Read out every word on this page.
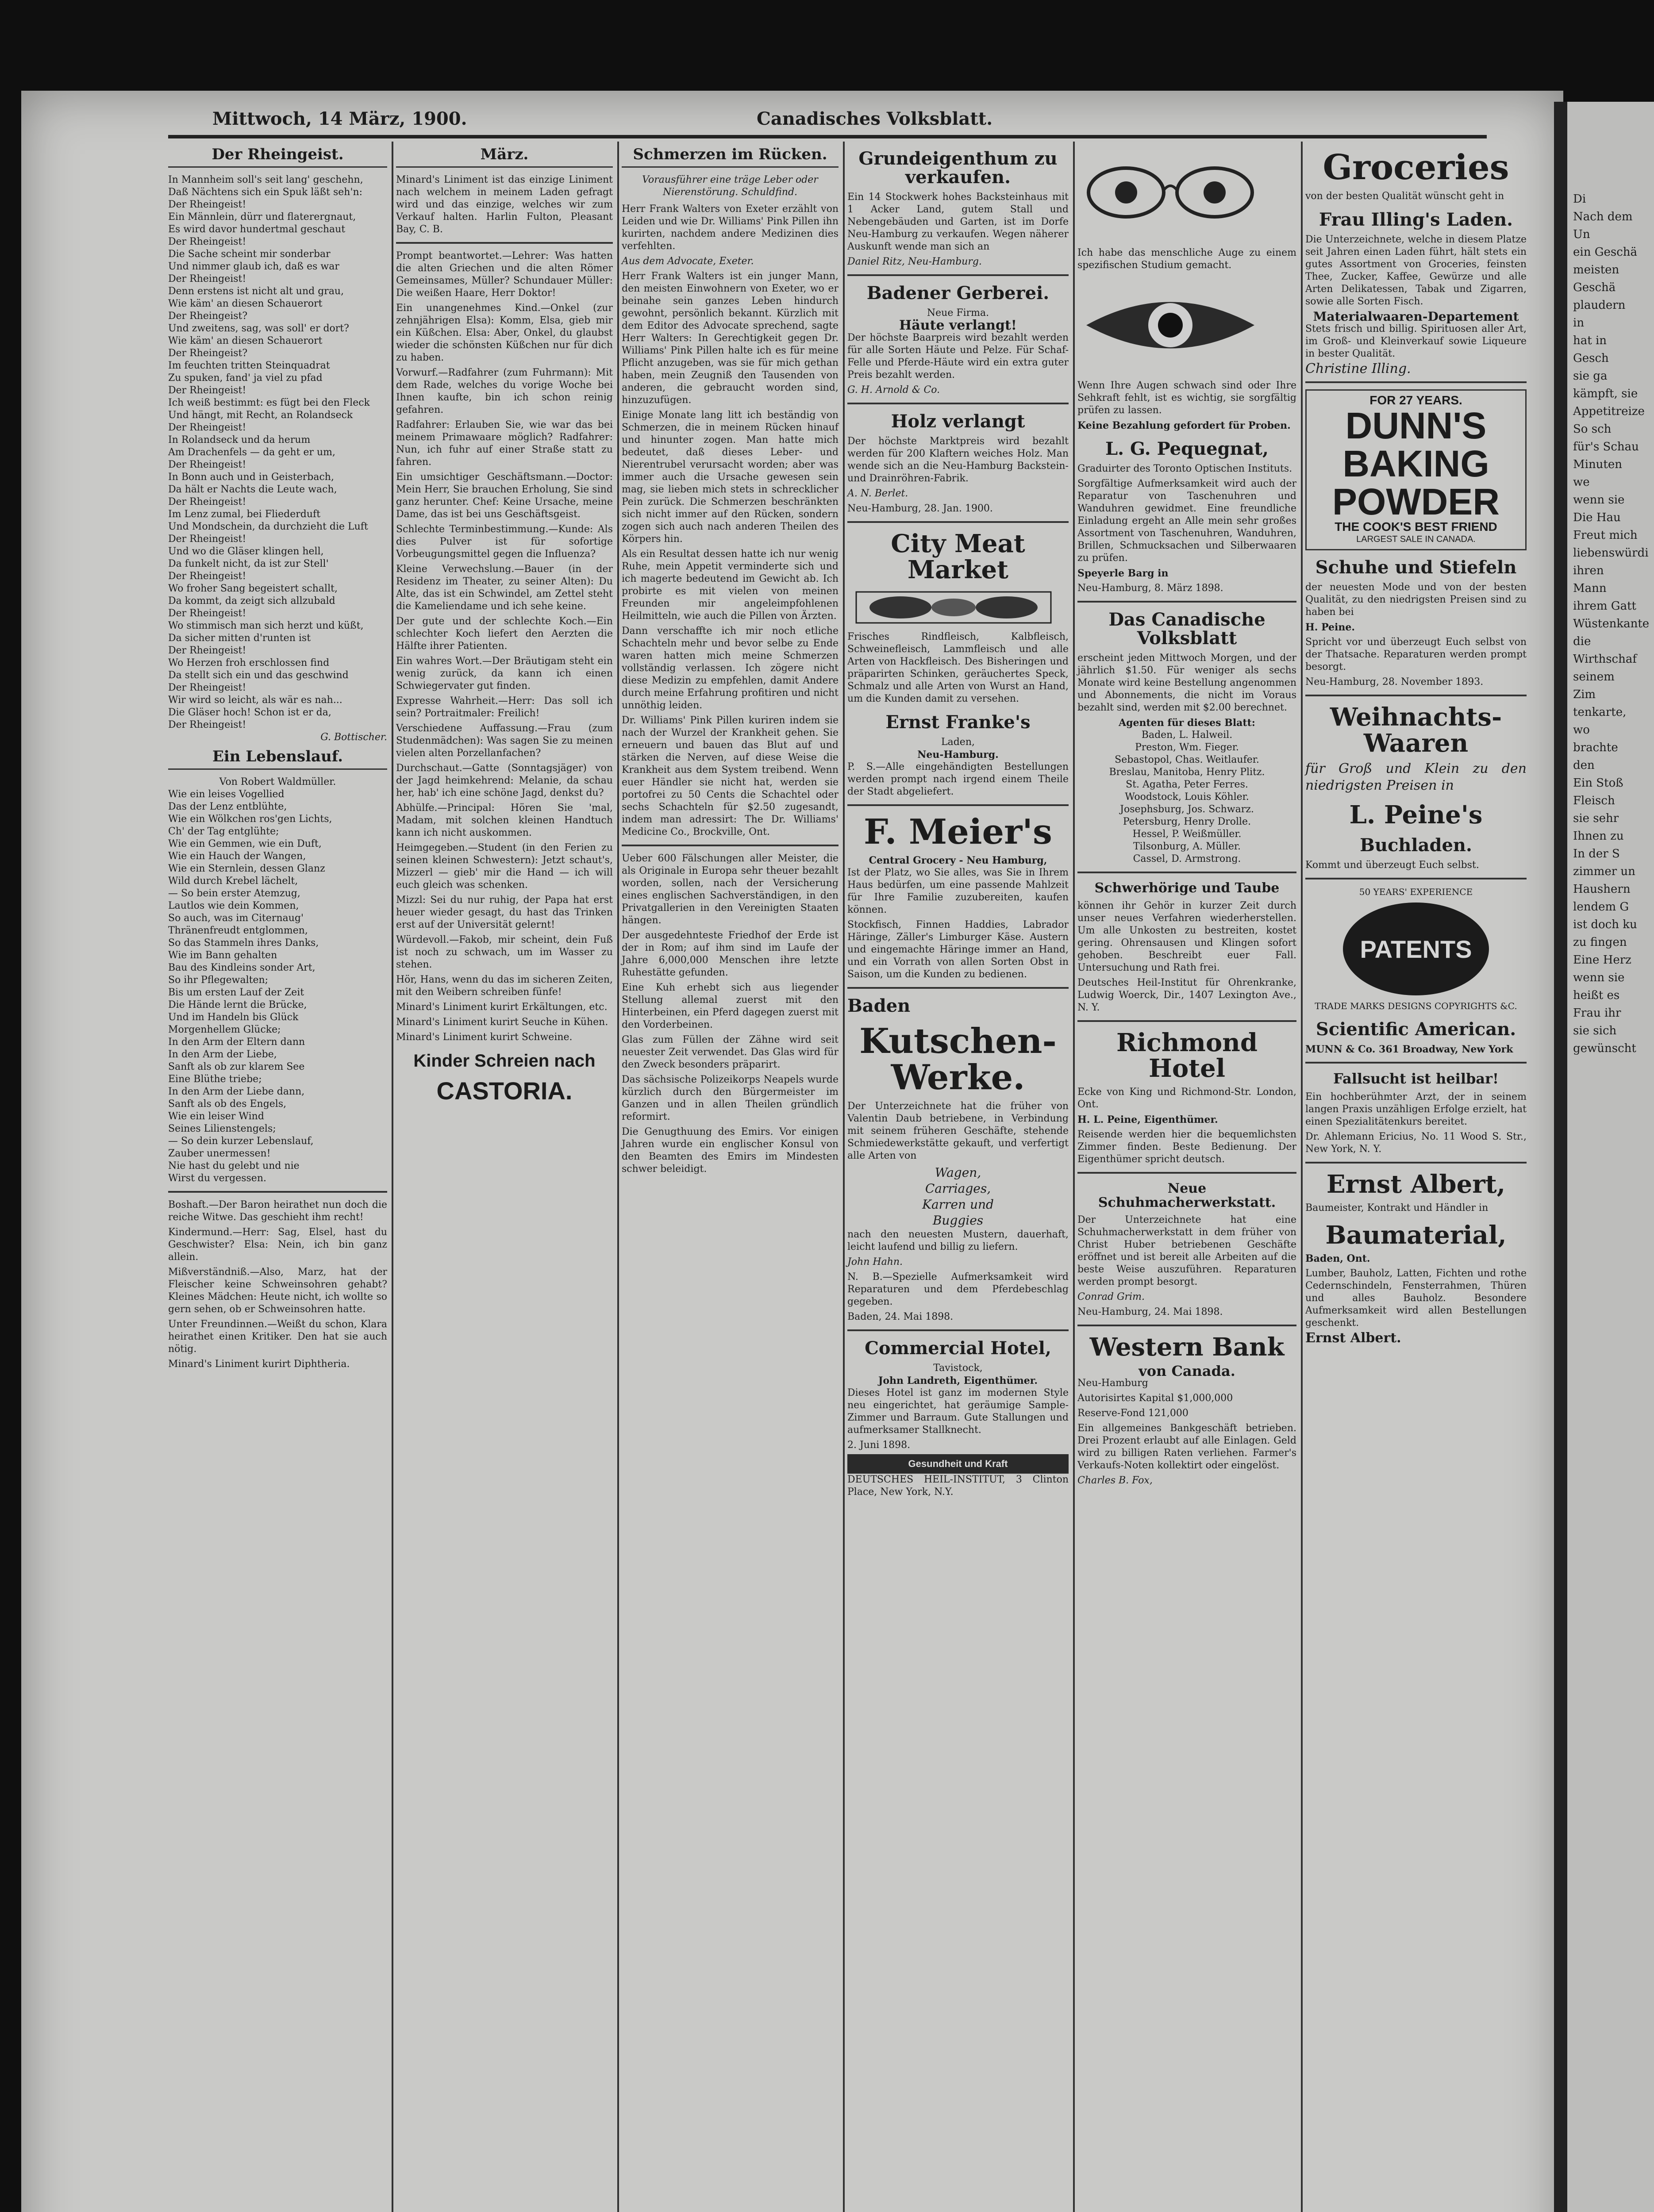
Mittwoch, 14 März, 1900.	Canadisches Volksblatt.
Der Rheingeist.

In Mannheim soll's seit lang' geschehn,

Daß Nächtens sich ein Spuk läßt seh'n:

Der Rheingeist!

Ein Männlein, dürr und flaterergnaut,

Es wird davor hundertmal geschaut

Der Rheingeist!

Die Sache scheint mir sonderbar

Und nimmer glaub ich, daß es war

Der Rheingeist!

Denn erstens ist nicht alt und grau,

Wie käm' an diesen Schauerort

Der Rheingeist?

Und zweitens, sag, was soll' er dort?

Wie käm' an diesen Schauerort

Der Rheingeist?

Im feuchten tritten Steinquadrat

Zu spuken, fand' ja viel zu pfad

Der Rheingeist!

Ich weiß bestimmt: es fügt bei den Fleck

Und hängt, mit Recht, an Rolandseck

Der Rheingeist!

In Rolandseck und da herum

Am Drachenfels — da geht er um,

Der Rheingeist!

In Bonn auch und in Geisterbach,

Da hält er Nachts die Leute wach,

Der Rheingeist!

Im Lenz zumal, bei Fliederduft

Und Mondschein, da durchzieht die Luft

Der Rheingeist!

Und wo die Gläser klingen hell,

Da funkelt nicht, da ist zur Stell'

Der Rheingeist!

Wo froher Sang begeistert schallt,

Da kommt, da zeigt sich allzubald

Der Rheingeist!

Wo stimmisch man sich herzt und küßt,

Da sicher mitten d'runten ist

Der Rheingeist!

Wo Herzen froh erschlossen find

Da stellt sich ein und das geschwind

Der Rheingeist!

Wir wird so leicht, als wär es nah...

Die Gläser hoch! Schon ist er da,

Der Rheingeist!

G. Bottischer.
Ein Lebenslauf.
Von Robert Waldmüller.

Wie ein leises Vogellied

Das der Lenz entblühte,

Wie ein Wölkchen ros'gen Lichts,

Ch' der Tag entglühte;

Wie ein Gemmen, wie ein Duft,

Wie ein Hauch der Wangen,

Wie ein Sternlein, dessen Glanz

Wild durch Krebel lächelt,

— So bein erster Atemzug,

Lautlos wie dein Kommen,

So auch, was im Citernaug'

Thränenfreudt entglommen,

So das Stammeln ihres Danks,

Wie im Bann gehalten

Bau des Kindleins sonder Art,

So ihr Pflegewalten;

Bis um ersten Lauf der Zeit

Die Hände lernt die Brücke,

Und im Handeln bis Glück

Morgenhellem Glücke;

In den Arm der Eltern dann

In den Arm der Liebe,

Sanft als ob zur klarem See

Eine Blüthe triebe;

In den Arm der Liebe dann,

Sanft als ob des Engels,

Wie ein leiser Wind

Seines Lilienstengels;

— So dein kurzer Lebenslauf,

Zauber unermessen!

Nie hast du gelebt und nie

Wirst du vergessen.

Boshaft.—Der Baron heirathet nun doch die reiche Witwe. Das geschieht ihm recht!

Kindermund.—Herr: Sag, Elsel, hast du Geschwister? Elsa: Nein, ich bin ganz allein.

Mißverständniß.—Also, Marz, hat der Fleischer keine Schweinsohren gehabt? Kleines Mädchen: Heute nicht, ich wollte so gern sehen, ob er Schweinsohren hatte.

Unter Freundinnen.—Weißt du schon, Klara heirathet einen Kritiker. Den hat sie auch nötig.

Minard's Liniment kurirt Diphtheria.

März.

Minard's Liniment ist das einzige Liniment nach welchem in meinem Laden gefragt wird und das einzige, welches wir zum Verkauf halten. Harlin Fulton, Pleasant Bay, C. B.

Prompt beantwortet.—Lehrer: Was hatten die alten Griechen und die alten Römer Gemeinsames, Müller? Schundauer Müller: Die weißen Haare, Herr Doktor!

Ein unangenehmes Kind.—Onkel (zur zehnjährigen Elsa): Komm, Elsa, gieb mir ein Küßchen. Elsa: Aber, Onkel, du glaubst wieder die schönsten Küßchen nur für dich zu haben.

Vorwurf.—Radfahrer (zum Fuhrmann): Mit dem Rade, welches du vorige Woche bei Ihnen kaufte, bin ich schon reinig gefahren.

Radfahrer: Erlauben Sie, wie war das bei meinem Primawaare möglich? Radfahrer: Nun, ich fuhr auf einer Straße statt zu fahren.

Ein umsichtiger Geschäftsmann.—Doctor: Mein Herr, Sie brauchen Erholung, Sie sind ganz herunter. Chef: Keine Ursache, meine Dame, das ist bei uns Geschäftsgeist.

Schlechte Terminbestimmung.—Kunde: Als dies Pulver ist für sofortige Vorbeugungsmittel gegen die Influenza?

Kleine Verwechslung.—Bauer (in der Residenz im Theater, zu seiner Alten): Du Alte, das ist ein Schwindel, am Zettel steht die Kameliendame und ich sehe keine.

Der gute und der schlechte Koch.—Ein schlechter Koch liefert den Aerzten die Hälfte ihrer Patienten.

Ein wahres Wort.—Der Bräutigam steht ein wenig zurück, da kann ich einen Schwiegervater gut finden.

Expresse Wahrheit.—Herr: Das soll ich sein? Portraitmaler: Freilich!

Verschiedene Auffassung.—Frau (zum Studenmädchen): Was sagen Sie zu meinen vielen alten Porzellanfachen?

Durchschaut.—Gatte (Sonntagsjäger) von der Jagd heimkehrend: Melanie, da schau her, hab' ich eine schöne Jagd, denkst du?

Abhülfe.—Principal: Hören Sie 'mal, Madam, mit solchen kleinen Handtuch kann ich nicht auskommen.

Heimgegeben.—Student (in den Ferien zu seinen kleinen Schwestern): Jetzt schaut's, Mizzerl — gieb' mir die Hand — ich will euch gleich was schenken.

Mizzl: Sei du nur ruhig, der Papa hat erst heuer wieder gesagt, du hast das Trinken erst auf der Universität gelernt!

Würdevoll.—Fakob, mir scheint, dein Fuß ist noch zu schwach, um im Wasser zu stehen.

Hör, Hans, wenn du das im sicheren Zeiten, mit den Weibern schreiben fünfe!

Minard's Liniment kurirt Erkältungen, etc.

Minard's Liniment kurirt Seuche in Kühen.

Minard's Liniment kurirt Schweine.

Kinder Schreien nach
CASTORIA.
Schmerzen im Rücken.
Vorausführer eine träge Leber oder Nierenstörung. Schuldfind.

Herr Frank Walters von Exeter erzählt von Leiden und wie Dr. Williams' Pink Pillen ihn kurirten, nachdem andere Medizinen dies verfehlten.

Aus dem Advocate, Exeter.

Herr Frank Walters ist ein junger Mann, den meisten Einwohnern von Exeter, wo er beinahe sein ganzes Leben hindurch gewohnt, persönlich bekannt. Kürzlich mit dem Editor des Advocate sprechend, sagte Herr Walters: In Gerechtigkeit gegen Dr. Williams' Pink Pillen halte ich es für meine Pflicht anzugeben, was sie für mich gethan haben, mein Zeugniß den Tausenden von anderen, die gebraucht worden sind, hinzuzufügen.

Einige Monate lang litt ich beständig von Schmerzen, die in meinem Rücken hinauf und hinunter zogen. Man hatte mich bedeutet, daß dieses Leber- und Nierentrubel verursacht worden; aber was immer auch die Ursache gewesen sein mag, sie lieben mich stets in schrecklicher Pein zurück. Die Schmerzen beschränkten sich nicht immer auf den Rücken, sondern zogen sich auch nach anderen Theilen des Körpers hin.

Als ein Resultat dessen hatte ich nur wenig Ruhe, mein Appetit verminderte sich und ich magerte bedeutend im Gewicht ab. Ich probirte es mit vielen von meinen Freunden mir angeleimpfohlenen Heilmitteln, wie auch die Pillen von Ärzten.

Dann verschaffte ich mir noch etliche Schachteln mehr und bevor selbe zu Ende waren hatten mich meine Schmerzen vollständig verlassen. Ich zögere nicht diese Medizin zu empfehlen, damit Andere durch meine Erfahrung profitiren und nicht unnöthig leiden.

Dr. Williams' Pink Pillen kuriren indem sie nach der Wurzel der Krankheit gehen. Sie erneuern und bauen das Blut auf und stärken die Nerven, auf diese Weise die Krankheit aus dem System treibend. Wenn euer Händler sie nicht hat, werden sie portofrei zu 50 Cents die Schachtel oder sechs Schachteln für $2.50 zugesandt, indem man adressirt: The Dr. Williams' Medicine Co., Brockville, Ont.

Ueber 600 Fälschungen aller Meister, die als Originale in Europa sehr theuer bezahlt worden, sollen, nach der Versicherung eines englischen Sachverständigen, in den Privatgallerien in den Vereinigten Staaten hängen.

Der ausgedehnteste Friedhof der Erde ist der in Rom; auf ihm sind im Laufe der Jahre 6,000,000 Menschen ihre letzte Ruhestätte gefunden.

Eine Kuh erhebt sich aus liegender Stellung allemal zuerst mit den Hinterbeinen, ein Pferd dagegen zuerst mit den Vorderbeinen.

Glas zum Füllen der Zähne wird seit neuester Zeit verwendet. Das Glas wird für den Zweck besonders präparirt.

Das sächsische Polizeikorps Neapels wurde kürzlich durch den Bürgermeister im Ganzen und in allen Theilen gründlich reformirt.

Die Genugthuung des Emirs. Vor einigen Jahren wurde ein englischer Konsul von den Beamten des Emirs im Mindesten schwer beleidigt.

Grundeigenthum zu verkaufen.

Ein 14 Stockwerk hohes Backsteinhaus mit 1 Acker Land, gutem Stall und Nebengebäuden und Garten, ist im Dorfe Neu-Hamburg zu verkaufen. Wegen näherer Auskunft wende man sich an

Daniel Ritz, Neu-Hamburg.

Badener Gerberei.
Neue Firma.
Häute verlangt!

Der höchste Baarpreis wird bezahlt werden für alle Sorten Häute und Pelze. Für Schaf-Felle und Pferde-Häute wird ein extra guter Preis bezahlt werden.

G. H. Arnold & Co.

Holz verlangt

Der höchste Marktpreis wird bezahlt werden für 200 Klaftern weiches Holz. Man wende sich an die Neu-Hamburg Backstein- und Drainröhren-Fabrik.

A. N. Berlet.

Neu-Hamburg, 28. Jan. 1900.

City Meat Market

Frisches Rindfleisch, Kalbfleisch, Schweinefleisch, Lammfleisch und alle Arten von Hackfleisch. Des Bisheringen und präparirten Schinken, geräuchertes Speck, Schmalz und alle Arten von Wurst an Hand, um die Kunden damit zu versehen.

Ernst Franke's
Laden,
Neu-Hamburg.

P. S.—Alle eingehändigten Bestellungen werden prompt nach irgend einem Theile der Stadt abgeliefert.

F. Meier's
Central Grocery - Neu Hamburg,

Ist der Platz, wo Sie alles, was Sie in Ihrem Haus bedürfen, um eine passende Mahlzeit für Ihre Familie zuzubereiten, kaufen können.

Stockfisch, Finnen Haddies, Labrador Häringe, Zäller's Limburger Käse. Austern und eingemachte Häringe immer an Hand, und ein Vorrath von allen Sorten Obst in Saison, um die Kunden zu bedienen.

Baden
Kutschen-Werke.

Der Unterzeichnete hat die früher von Valentin Daub betriebene, in Verbindung mit seinem früheren Geschäfte, stehende Schmiedewerkstätte gekauft, und verfertigt alle Arten von

Wagen,
Carriages,
Karren und
Buggies

nach den neuesten Mustern, dauerhaft, leicht laufend und billig zu liefern.

John Hahn.

N. B.—Spezielle Aufmerksamkeit wird Reparaturen und dem Pferdebeschlag gegeben.

Baden, 24. Mai 1898.

Commercial Hotel,
Tavistock,
John Landreth, Eigenthümer.

Dieses Hotel ist ganz im modernen Style neu eingerichtet, hat geräumige Sample-Zimmer und Barraum. Gute Stallungen und aufmerksamer Stallknecht.

2. Juni 1898.

Gesundheit und Kraft

DEUTSCHES HEIL-INSTITUT, 3 Clinton Place, New York, N.Y.

Ich habe das menschliche Auge zu einem spezifischen Studium gemacht.

Wenn Ihre Augen schwach sind oder Ihre Sehkraft fehlt, ist es wichtig, sie sorgfältig prüfen zu lassen.

Keine Bezahlung gefordert für Proben.

L. G. Pequegnat,

Graduirter des Toronto Optischen Instituts.

Sorgfältige Aufmerksamkeit wird auch der Reparatur von Taschenuhren und Wanduhren gewidmet. Eine freundliche Einladung ergeht an Alle mein sehr großes Assortment von Taschenuhren, Wanduhren, Brillen, Schmucksachen und Silberwaaren zu prüfen.

Speyerle Barg in

Neu-Hamburg, 8. März 1898.

Das Canadische Volksblatt

erscheint jeden Mittwoch Morgen, und der jährlich $1.50. Für weniger als sechs Monate wird keine Bestellung angenommen und Abonnements, die nicht im Voraus bezahlt sind, werden mit $2.00 berechnet.

Agenten für dieses Blatt:
Baden, L. Halweil.
Preston, Wm. Fieger.
Sebastopol, Chas. Weitlaufer.
Breslau, Manitoba, Henry Plitz.
St. Agatha, Peter Ferres.
Woodstock, Louis Köhler.
Josephsburg, Jos. Schwarz.
Petersburg, Henry Drolle.
Hessel, P. Weißmüller.
Tilsonburg, A. Müller.
Cassel, D. Armstrong.
Schwerhörige und Taube

können ihr Gehör in kurzer Zeit durch unser neues Verfahren wiederherstellen. Um alle Unkosten zu bestreiten, kostet gering. Ohrensausen und Klingen sofort gehoben. Beschreibt euer Fall. Untersuchung und Rath frei.

Deutsches Heil-Institut für Ohrenkranke, Ludwig Woerck, Dir., 1407 Lexington Ave., N. Y.

Richmond Hotel

Ecke von King und Richmond-Str. London, Ont.

H. L. Peine, Eigenthümer.

Reisende werden hier die bequemlichsten Zimmer finden. Beste Bedienung. Der Eigenthümer spricht deutsch.

Neue Schuhmacherwerkstatt.

Der Unterzeichnete hat eine Schuhmacherwerkstatt in dem früher von Christ Huber betriebenen Geschäfte eröffnet und ist bereit alle Arbeiten auf die beste Weise auszuführen. Reparaturen werden prompt besorgt.

Conrad Grim.

Neu-Hamburg, 24. Mai 1898.

Western Bank
von Canada.

Neu-Hamburg

Autorisirtes Kapital $1,000,000

Reserve-Fond 121,000

Ein allgemeines Bankgeschäft betrieben. Drei Prozent erlaubt auf alle Einlagen. Geld wird zu billigen Raten verliehen. Farmer's Verkaufs-Noten kollektirt oder eingelöst.

Charles B. Fox,

Groceries

von der besten Qualität wünscht geht in

Frau Illing's Laden.

Die Unterzeichnete, welche in diesem Platze seit Jahren einen Laden führt, hält stets ein gutes Assortment von Groceries, feinsten Thee, Zucker, Kaffee, Gewürze und alle Arten Delikatessen, Tabak und Zigarren, sowie alle Sorten Fisch.

Materialwaaren-Departement

Stets frisch und billig. Spirituosen aller Art, im Groß- und Kleinverkauf sowie Liqueure in bester Qualität.

Christine Illing.

FOR 27 YEARS.
DUNN'S
BAKING
POWDER
THE COOK'S BEST FRIEND
LARGEST SALE IN CANADA.
Schuhe und Stiefeln

der neuesten Mode und von der besten Qualität, zu den niedrigsten Preisen sind zu haben bei

H. Peine.

Spricht vor und überzeugt Euch selbst von der Thatsache. Reparaturen werden prompt besorgt.

Neu-Hamburg, 28. November 1893.

Weihnachts-Waaren

für Groß und Klein zu den niedrigsten Preisen in

L. Peine's
Buchladen.

Kommt und überzeugt Euch selbst.

50 YEARS' EXPERIENCE
PATENTS
TRADE MARKS DESIGNS COPYRIGHTS &C.
Scientific American.

MUNN & Co. 361 Broadway, New York

Fallsucht ist heilbar!

Ein hochberühmter Arzt, der in seinem langen Praxis unzähligen Erfolge erzielt, hat einen Spezialitätenkurs bereitet.

Dr. Ahlemann Ericius, No. 11 Wood S. Str., New York, N. Y.

Ernst Albert,

Baumeister, Kontrakt und Händler in

Baumaterial,

Baden, Ont.

Lumber, Bauholz, Latten, Fichten und rothe Cedernschindeln, Fensterrahmen, Thüren und alles Bauholz. Besondere Aufmerksamkeit wird allen Bestellungen geschenkt.

Ernst Albert.

Di
Nach dem Un
ein Geschä
meisten Geschä
plaudern in
hat in Gesch
sie ga
kämpft, sie
Appetitreize
So sch
für's Schau
Minuten we
wenn sie
Die Hau
Freut mich
liebenswürdi
ihren Mann
ihrem Gatt
Wüstenkante
die Wirthschaf
seinem Zim
tenkarte, wo
brachte den
Ein Stoß
Fleisch
sie sehr
Ihnen zu
In der S
zimmer un
Haushern
lendem G
ist doch ku
zu fingen
Eine Herz
wenn sie
heißt es
Frau ihr
sie sich
gewünscht
